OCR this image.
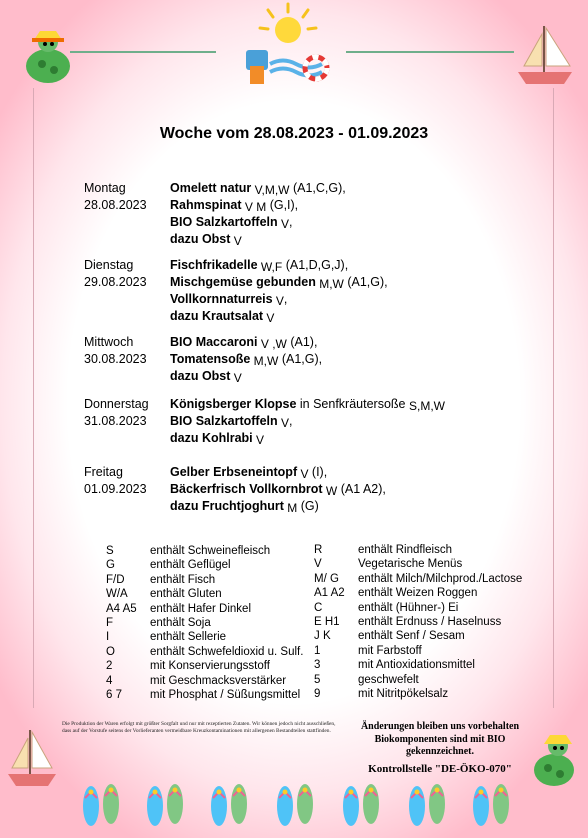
Woche vom 28.08.2023 - 01.09.2023
Montag
28.08.2023
Omelett natur V,M,W (A1,C,G),
Rahmspinat V M (G,I),
BIO Salzkartoffeln V,
dazu Obst V
Dienstag
29.08.2023
Fischfrikadelle W,F (A1,D,G,J),
Mischgemüse gebunden M,W (A1,G),
Vollkornnaturreis V,
dazu Krautsalat V
Mittwoch
30.08.2023
BIO Maccaroni V ,W (A1),
Tomatensoße M,W (A1,G),
dazu Obst V
Donnerstag
31.08.2023
Königsberger Klopse in Senfkräutersoße S,M,W
BIO Salzkartoffeln V,
dazu Kohlrabi V
Freitag
01.09.2023
Gelber Erbseneintopf V (I),
Bäckerfrisch Vollkornbrot W (A1 A2),
dazu Fruchtjoghurt M (G)
S	enthält Schweinefleisch
G	enthält Geflügel
F/D enthält Fisch
W/A enthält Gluten
A4 A5 enthält Hafer Dinkel
F	enthält Soja
I	enthält Sellerie
O	enthält Schwefeldioxid u. Sulf.
2	mit Konservierungsstoff
4	mit Geschmacksverstärker
6 7 mit Phosphat / Süßungsmittel
R	enthält Rindfleisch
V	Vegetarische Menüs
M/ G enthält Milch/Milchprod./Lactose
A1 A2 enthält Weizen Roggen
C	enthält (Hühner-) Ei
E H1 enthält Erdnuss / Haselnuss
J K enthält Senf / Sesam
1	mit Farbstoff
3	mit Antioxidationsmittel
5	geschwefelt
9	mit Nitritpökelsalz
Die Produktion der Waren erfolgt mit größter Sorgfalt und nur mit rezeptierten Zutaten. Wir können jedoch nicht ausschließen, dass auf der Vorstufe seitens der Vorlieferanten vermeidbare Kreuzkontaminationen mit allergenen Bestandteilen stattfinden.	Änderungen bleiben uns vorbehalten Biokomponenten sind mit BIO gekennzeichnet.
Kontrollstelle "DE-ÖKO-070"
